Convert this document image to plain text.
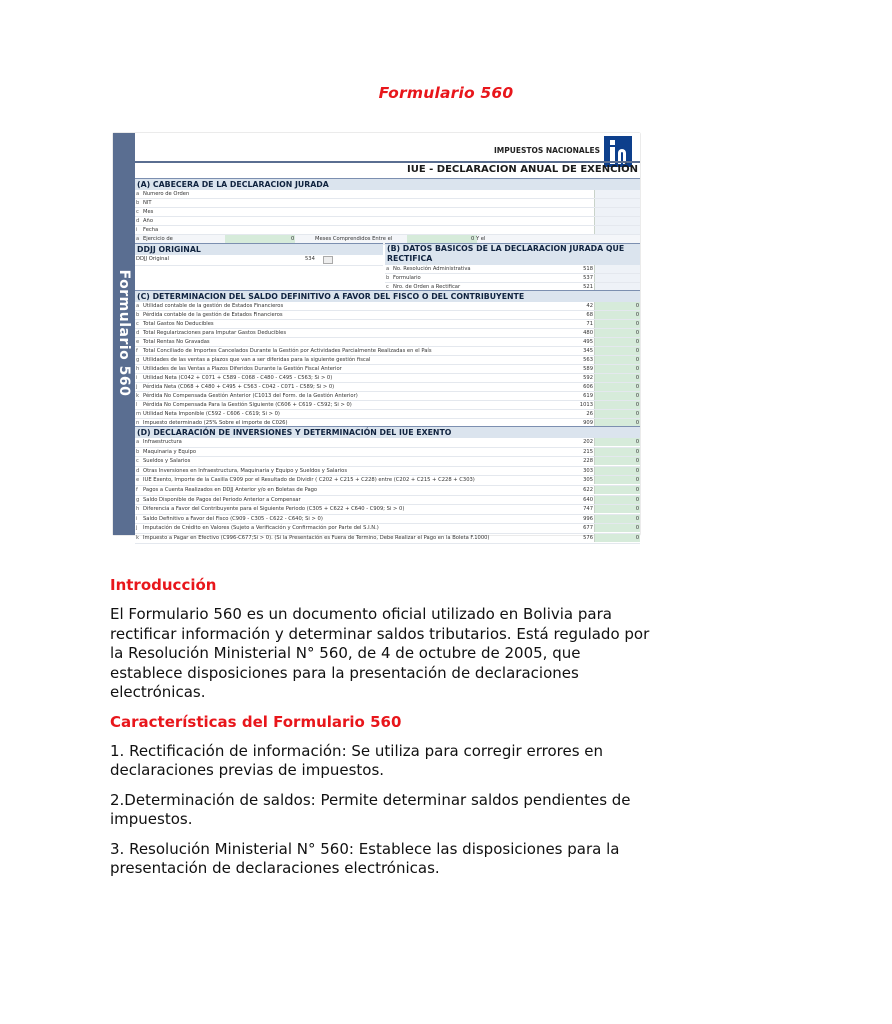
Formulario 560
Formulario 560
IMPUESTOS NACIONALES
IUE - DECLARACION ANUAL DE EXENCIÓN
(A) CABECERA DE LA DECLARACION JURADA
a Numero de Orden
b NIT
c Mes
d Año
i	Fecha
a Ejercicio de	0	Meses Comprendidos Entre el	0 Y el
DDJJ ORIGINAL
DDJJ Original	534
(B) DATOS BASICOS DE LA DECLARACION JURADA QUE RECTIFICA
a No. Resolución Administrativa	518
b Formulario	537
c Nro. de Orden a Rectificar	521
(C) DETERMINACION DEL SALDO DEFINITIVO A FAVOR DEL FISCO O DEL CONTRIBUYENTE
a Utilidad contable de la gestión de Estados Financieros	42	0
b Pérdida contable de la gestión de Estados Financieros	68	0
c Total Gastos No Deducibles	71	0
d Total Regularizaciones para Imputar Gastos Deducibles	480	0
e Total Rentas No Gravadas	495	0
f Total Conciliado de Importes Cancelados Durante la Gestión por Actividades Parcialmente Realizadas en el País	345	0
g Utilidades de las ventas a plazos que van a ser diferidas para la siguiente gestión fiscal	563	0
h Utilidades de las Ventas a Plazos Diferidos Durante la Gestión Fiscal Anterior	589	0
i	Utilidad Neta (C042 + C071 + C589 - C068 - C480 - C495 - C563; Si > 0)	592	0
j	Pérdida Neta (C068 + C480 + C495 + C563 - C042 - C071 - C589; Si > 0)	606	0
k Pérdida No Compensada Gestión Anterior (C1013 del Form. de la Gestión Anterior)	619	0
l	Pérdida No Compensada Para la Gestión Siguiente (C606 + C619 - C592; Si > 0)	1013	0
m Utilidad Neta Imponible (C592 - C606 - C619; Si > 0)	26	0
n Impuesto determinado (25% Sobre el importe de C026)	909	0
(D) DECLARACIÓN DE INVERSIONES Y DETERMINACIÓN DEL IUE EXENTO
a Infraestructura	202	0
b Maquinaria y Equipo	215	0
c Sueldos y Salarios	228	0
d Otras Inversiones en Infraestructura, Maquinaria y Equipo y Sueldos y Salarios	303	0
e IUE Exento, Importe de la Casilla C909 por el Resultado de Dividir ( C202 + C215 + C228) entre (C202 + C215 + C228 + C303)	305	0
f Pagos a Cuenta Realizados en DDJJ Anterior y/o en Boletas de Pago	622	0
g Saldo Disponible de Pagos del Periodo Anterior a Compensar	640	0
h Diferencia a Favor del Contribuyente para el Siguiente Periodo (C305 + C622 + C640 - C909; Si > 0)	747	0
i	Saldo Definitivo a Favor del Fisco (C909 - C305 - C622 - C640; Si > 0)	996	0
j	Imputación de Crédito en Valores (Sujeto a Verificación y Confirmación por Parte del S.I.N.)	677	0
k Impuesto a Pagar en Efectivo (C996-C677;Si > 0). (Si la Presentación es Fuera de Termino, Debe Realizar el Pago en la Boleta F.1000)	576	0
Introducción
El Formulario 560 es un documento oficial utilizado en Bolivia para rectificar información y determinar saldos tributarios. Está regulado por la Resolución Ministerial N° 560, de 4 de octubre de 2005, que establece disposiciones para la presentación de declaraciones electrónicas.
Características del Formulario 560
1. Rectificación de información: Se utiliza para corregir errores en declaraciones previas de impuestos.
2.Determinación de saldos: Permite determinar saldos pendientes de impuestos.
3. Resolución Ministerial N° 560: Establece las disposiciones para la presentación de declaraciones electrónicas.
